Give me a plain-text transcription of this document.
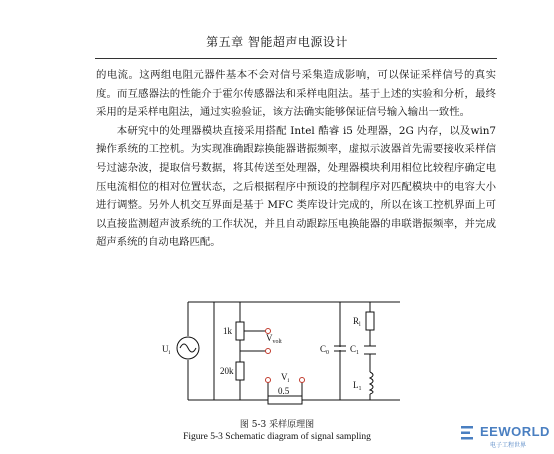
第五章 智能超声电源设计

的电流。这两组电阻元器件基本不会对信号采集造成影响，可以保证采样信号的真实度。而互感器法的性能介于霍尔传感器法和采样电阻法。基于上述的实验和分析，最终采用的是采样电阻法，通过实验验证，该方法确实能够保证信号输入输出一致性。

本研究中的处理器模块直接采用搭配 Intel 酷睿 i5 处理器，2G 内存，以及win7 操作系统的工控机。为实现准确跟踪换能器谐振频率，虚拟示波器首先需要接收采样信号过滤杂波，提取信号数据，将其传送至处理器，处理器模块利用相位比较程序确定电压电流相位的相对位置状态，之后根据程序中预设的控制程序对匹配模块中的电容大小进行调整。另外人机交互界面是基于 MFC 类库设计完成的，所以在该工控机界面上可以直接监测超声波系统的工作状况，并且自动跟踪压电换能器的串联谐振频率，并完成超声系统的自动电路匹配。

$U_i$
1k
20k
0.5
$V_{volt}$
$V_i$
$C_0$ $C_1$
$R_l$
$L_1$
图 5-3 采样原理图
Figure 5-3 Schematic diagram of signal sampling	EEWORLD
电子工程世界
